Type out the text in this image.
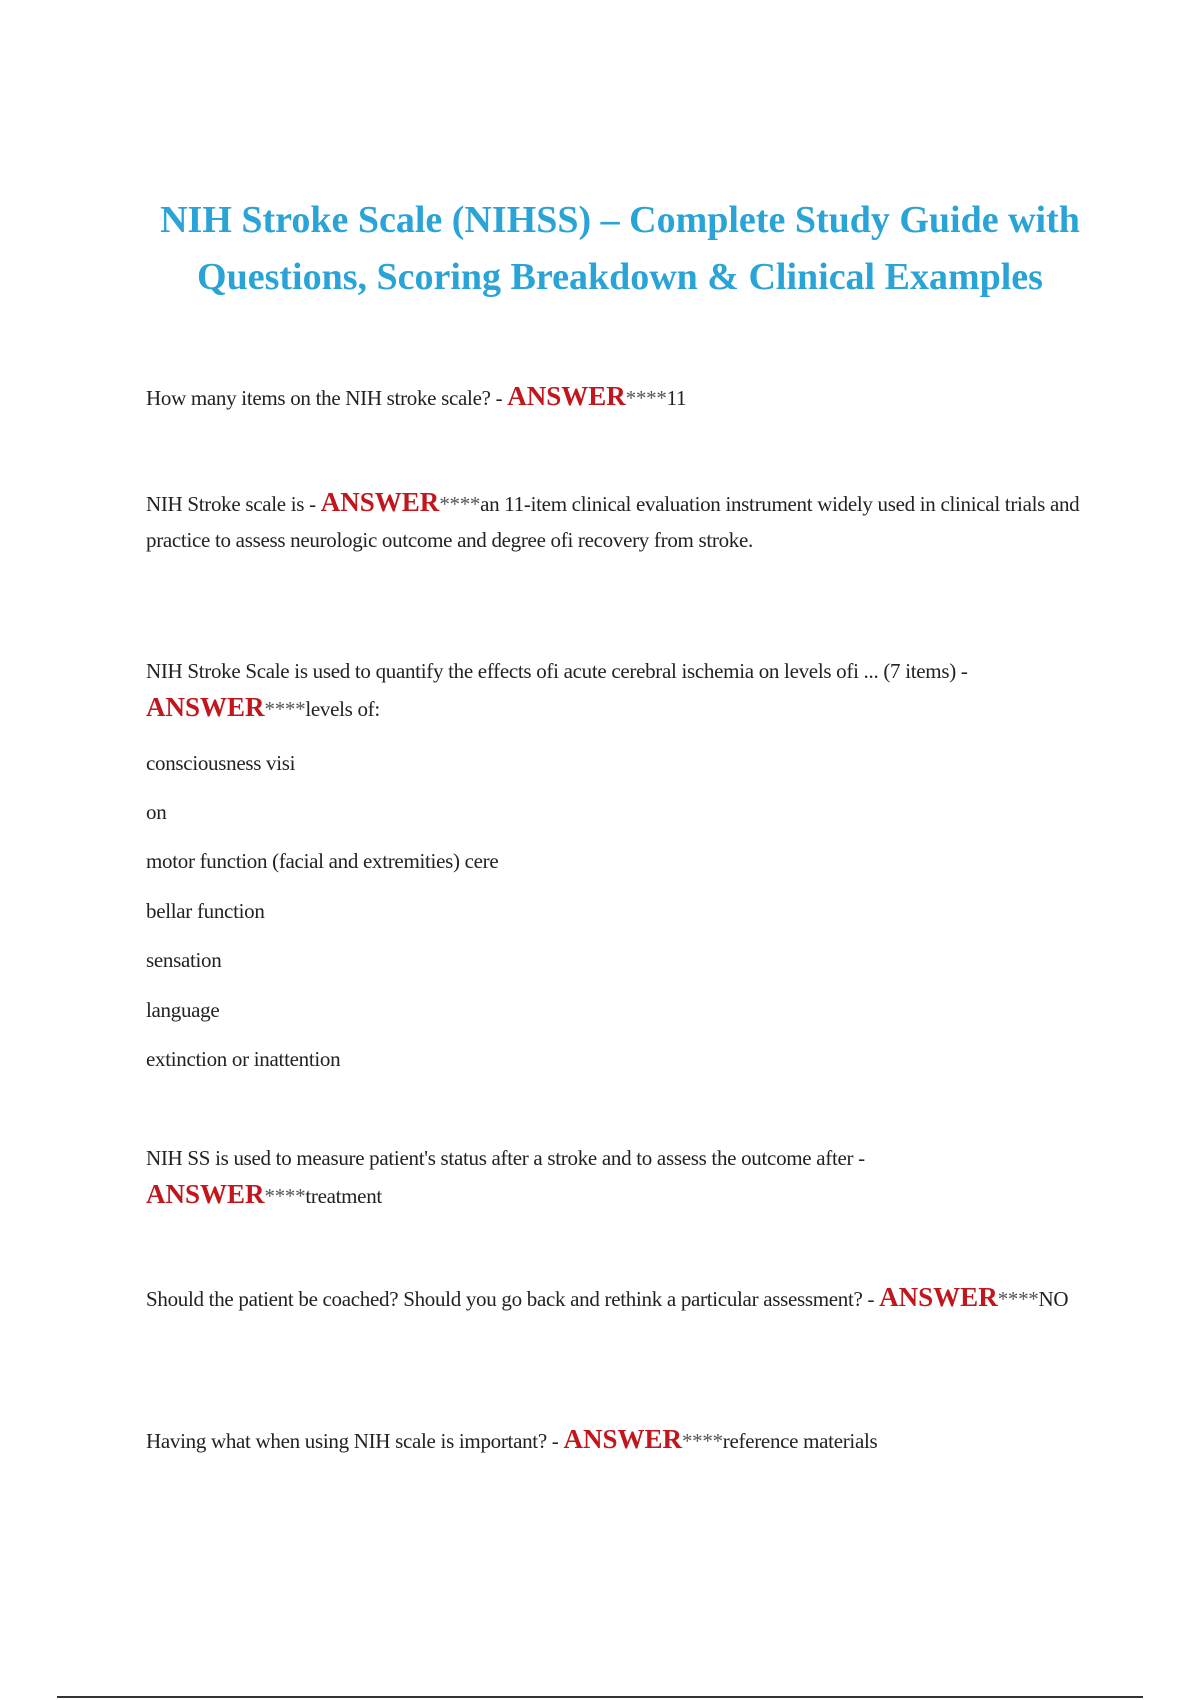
NIH Stroke Scale (NIHSS) – Complete Study Guide with Questions, Scoring Breakdown & Clinical Examples

How many items on the NIH stroke scale? - ANSWER****11

NIH Stroke scale is - ANSWER****an 11-item clinical evaluation instrument widely used in clinical trials and practice to assess neurologic outcome and degree ofi recovery from stroke.

NIH Stroke Scale is used to quantify the effects ofi acute cerebral ischemia on levels ofi ... (7 items) - ANSWER****levels of:

consciousness visi

on

motor function (facial and extremities) cere

bellar function

sensation

language

extinction or inattention

NIH SS is used to measure patient's status after a stroke and to assess the outcome after - ANSWER****treatment

Should the patient be coached? Should you go back and rethink a particular assessment? - ANSWER****NO

Having what when using NIH scale is important? - ANSWER****reference materials
